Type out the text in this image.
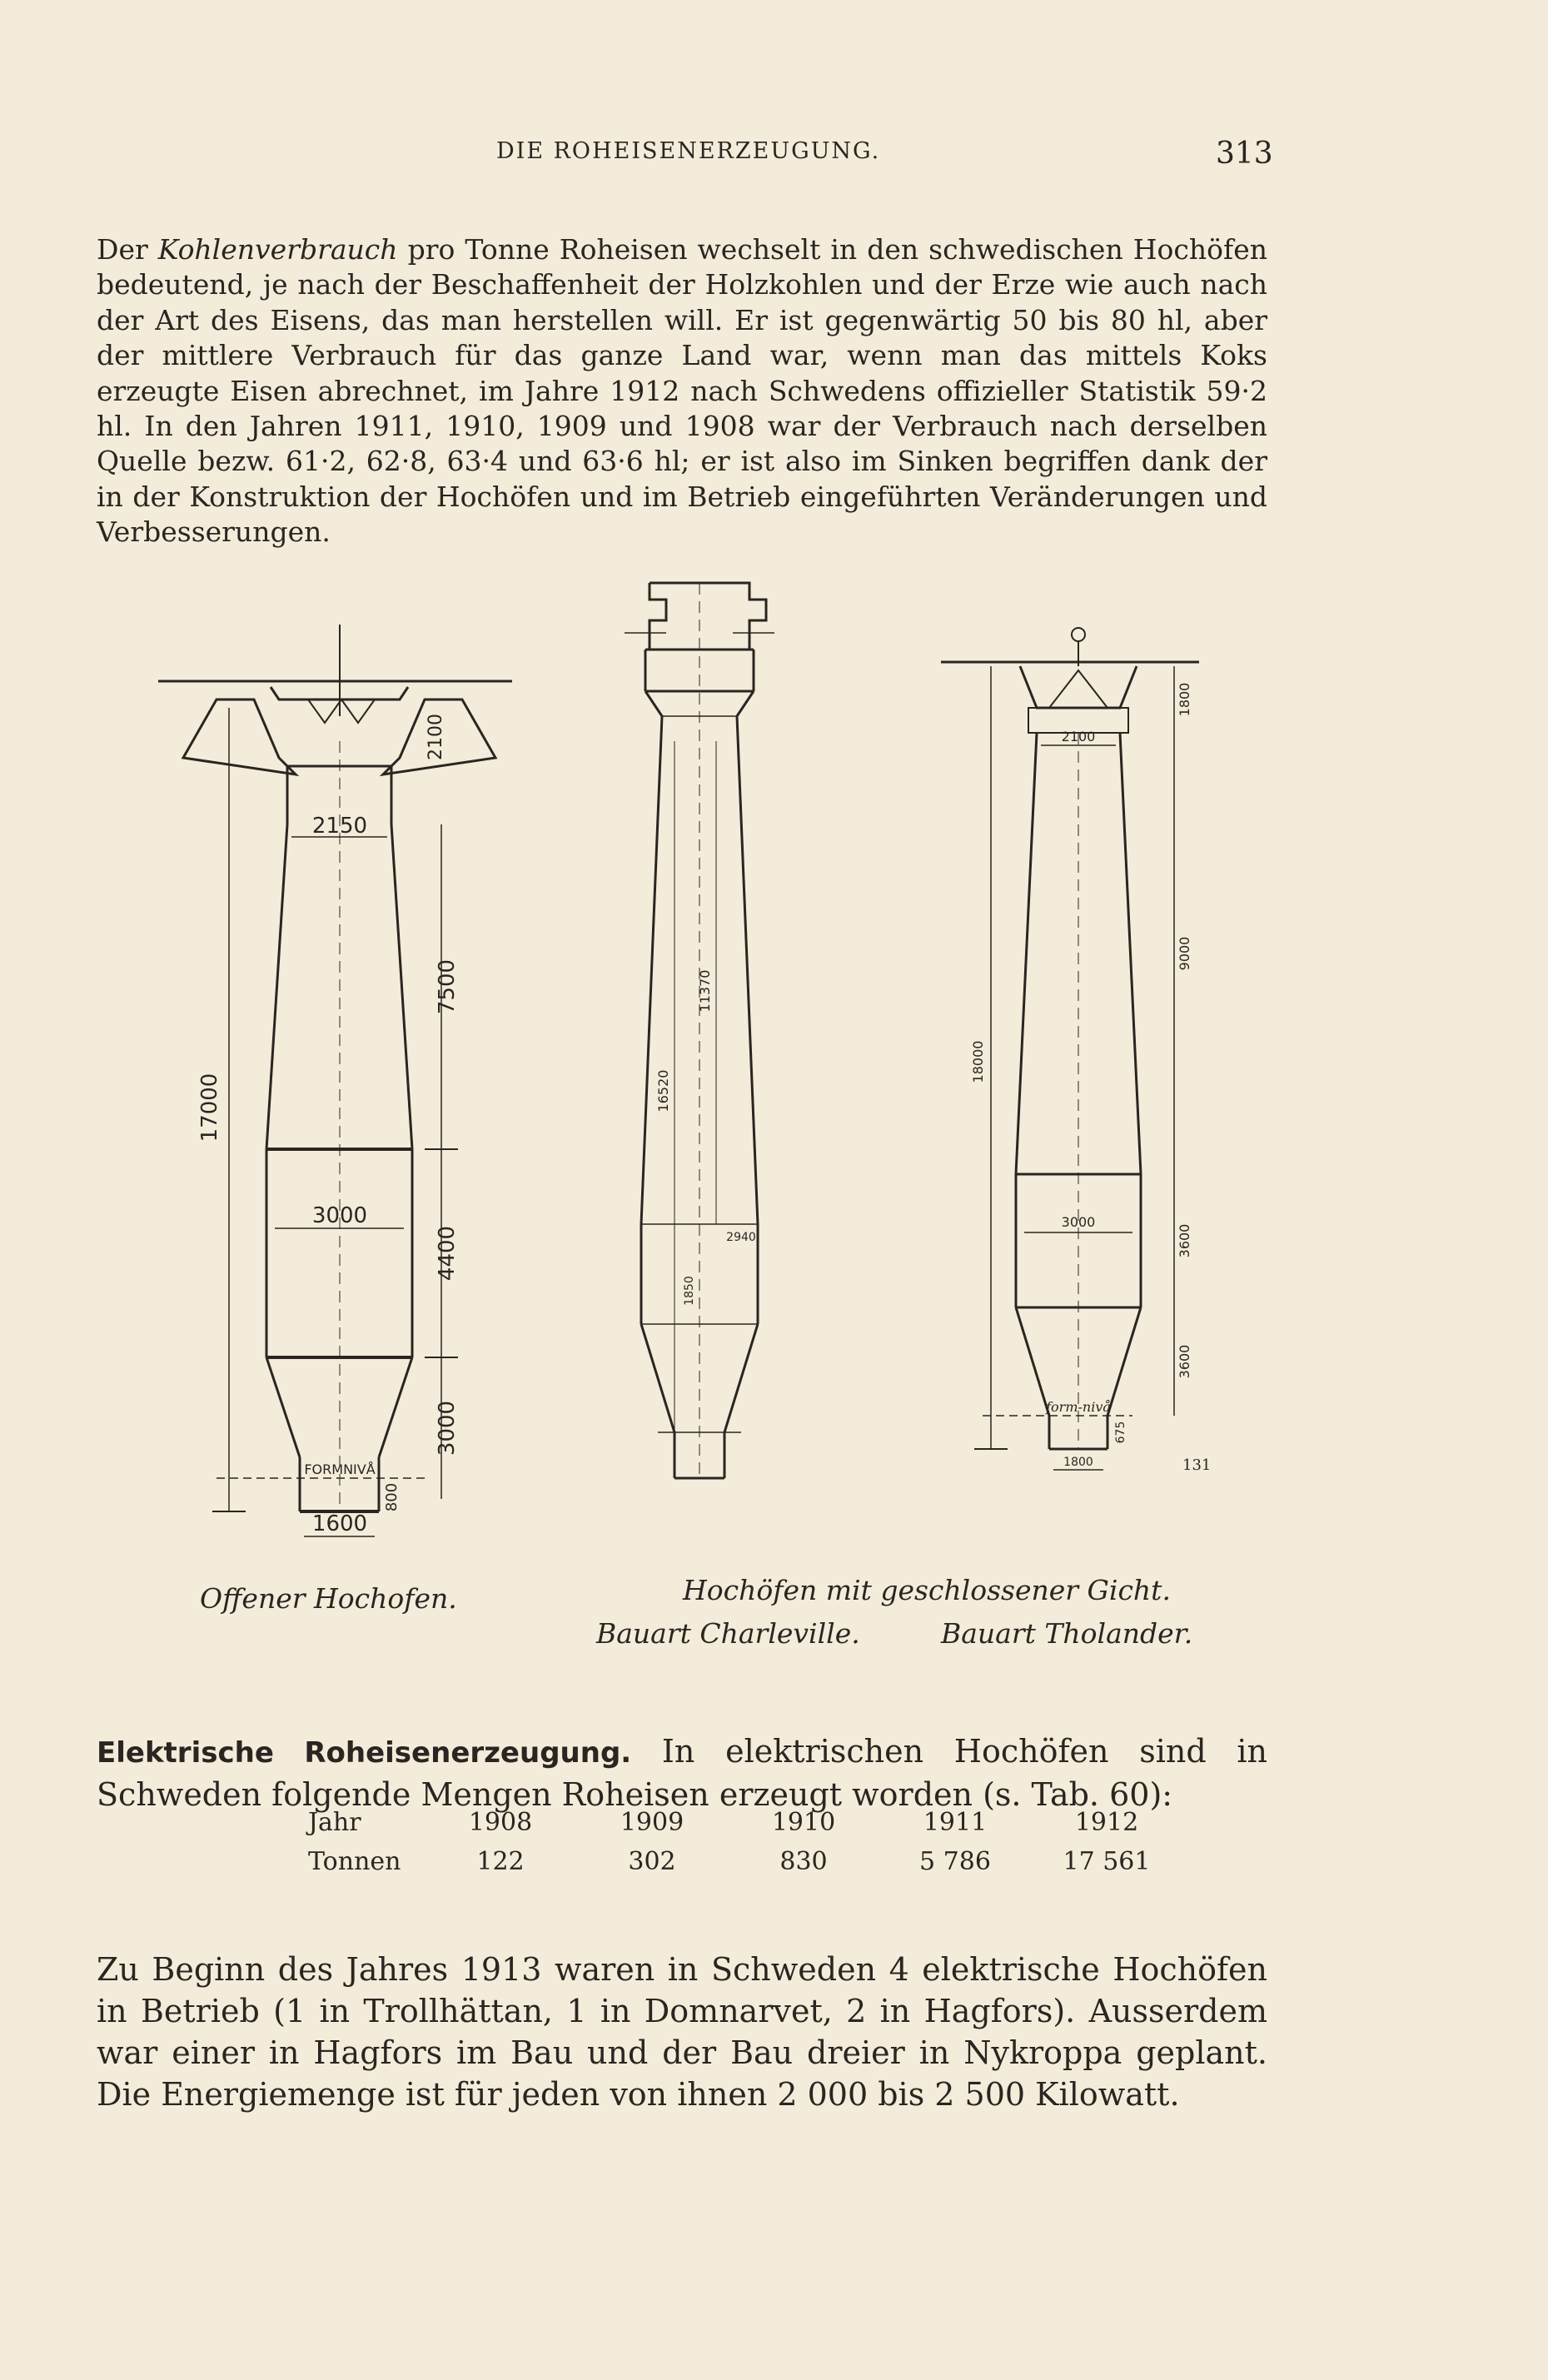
DIE ROHEISENERZEUGUNG.	313

Der Kohlenverbrauch pro Tonne Roheisen wechselt in den schwedischen Hochöfen bedeutend, je nach der Beschaffenheit der Holzkohlen und der Erze wie auch nach der Art des Eisens, das man herstellen will. Er ist gegenwärtig 50 bis 80 hl, aber der mittlere Verbrauch für das ganze Land war, wenn man das mittels Koks erzeugte Eisen abrechnet, im Jahre 1912 nach Schwedens offizieller Statistik 59·2 hl. In den Jahren 1911, 1910, 1909 und 1908 war der Verbrauch nach derselben Quelle bezw. 61·2, 62·8, 63·4 und 63·6 hl; er ist also im Sinken begriffen dank der in der Konstruktion der Hochöfen und im Betrieb eingeführten Veränderungen und Verbesserungen.

2150
3000
1600
7500
4400
3000
17000
2100
800
FORMNIVÅ
16520
11370
2940
1850
2100
3000
1800
1800
9000
3600
3600
18000
675
form-nivå
131
Offener Hochofen.	Hochöfen mit geschlossener Gicht.
Bauart Charleville.	Bauart Tholander.

Elektrische Roheisenerzeugung. In elektrischen Hochöfen sind in Schweden folgende Mengen Roheisen erzeugt worden (s. Tab. 60):

Jahr	1908	1909	1910	1911	1912
Tonnen	122	302	830	5 786	17 561

Zu Beginn des Jahres 1913 waren in Schweden 4 elektrische Hochöfen in Betrieb (1 in Trollhättan, 1 in Domnarvet, 2 in Hagfors). Ausserdem war einer in Hagfors im Bau und der Bau dreier in Nykroppa geplant. Die Energiemenge ist für jeden von ihnen 2 000 bis 2 500 Kilowatt.
